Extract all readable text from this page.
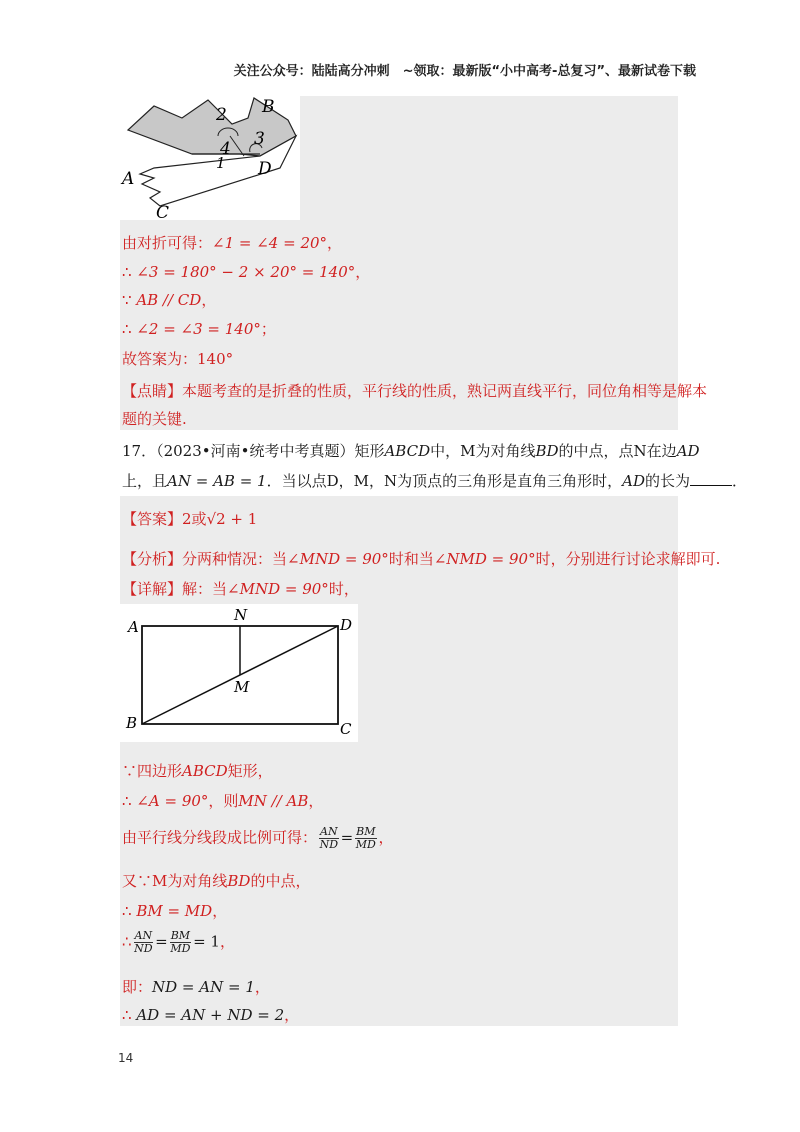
关注公众号：陆陆高分冲刺　~领取：最新版“小中高考-总复习”、最新试卷下载
2 B
3
4
1 D
A
C
由对折可得：∠1 = ∠4 = 20°，
∴ ∠3 = 180° − 2 × 20° = 140°，
∵ AB // CD，
∴ ∠2 = ∠3 = 140°；
故答案为：140°
【点睛】本题考查的是折叠的性质，平行线的性质，熟记两直线平行，同位角相等是解本
题的关键.
17．（2023•河南•统考中考真题）矩形ABCD中，M为对角线BD的中点，点N在边AD
上，且AN = AB = 1．当以点D，M，N为顶点的三角形是直角三角形时，AD的长为	．
【答案】2或√2 + 1
【分析】分两种情况：当∠MND = 90°时和当∠NMD = 90°时，分别进行讨论求解即可.
【详解】解：当∠MND = 90°时，
A
N
D
M
B	C
∵四边形ABCD矩形，
∴ ∠A = 90°，则MN // AB，
由平行线分线段成比例可得： $\frac{AN}{ND} = \frac{BM}{MD}$ ，
又∵M为对角线BD的中点，
∴ BM = MD，
∴ $\frac{AN}{ND} = \frac{BM}{MD} = 1$，
即：ND = AN = 1，
∴ AD = AN + ND = 2，
14
